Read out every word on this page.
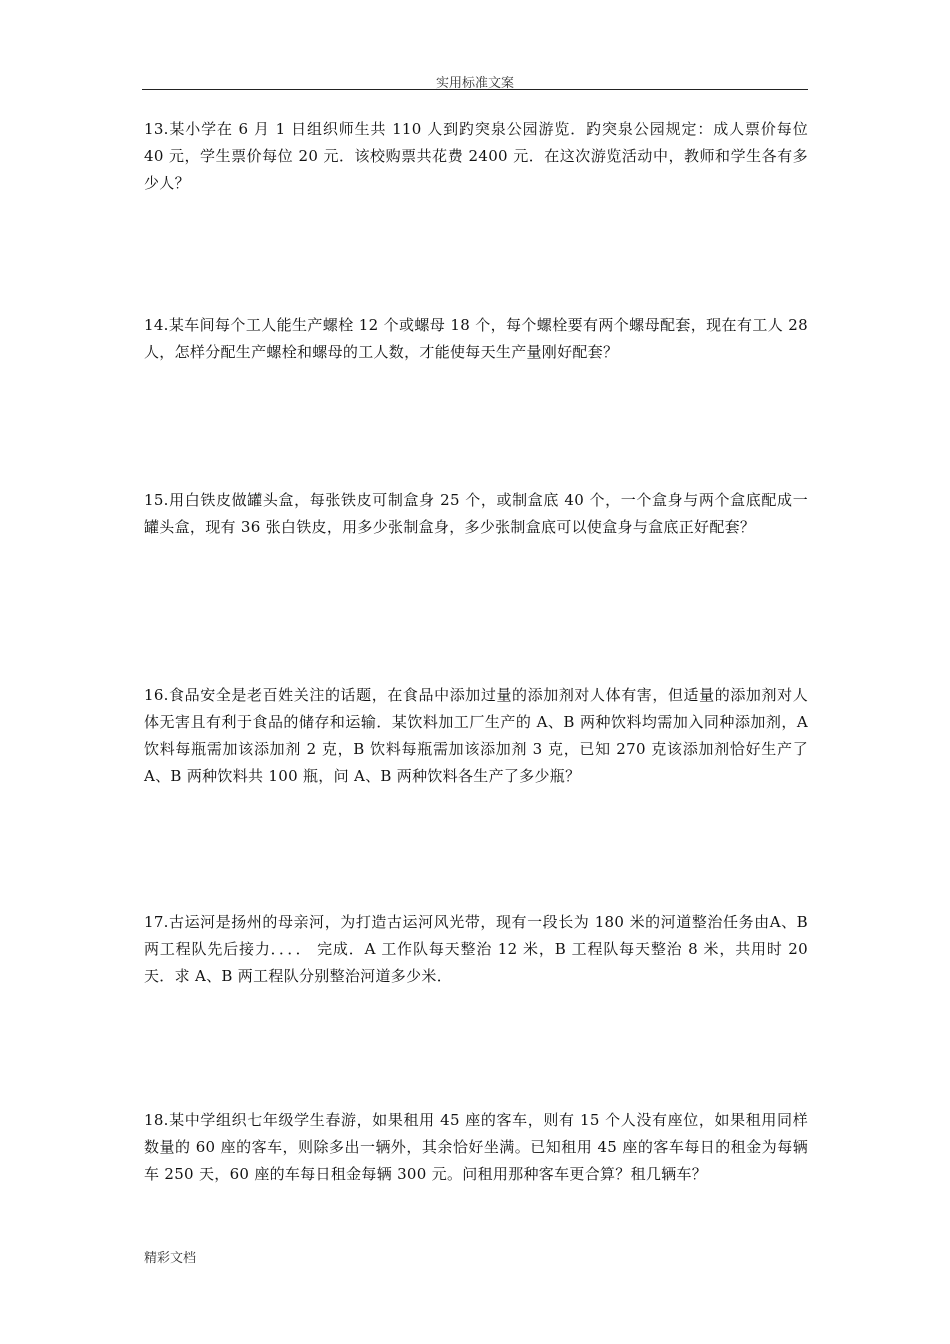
实用标准文案

13.某小学在 6 月 1 日组织师生共 110 人到趵突泉公园游览．趵突泉公园规定：成人票价每位 40 元，学生票价每位 20 元．该校购票共花费 2400 元．在这次游览活动中，教师和学生各有多少人？

14.某车间每个工人能生产螺栓 12 个或螺母 18 个，每个螺栓要有两个螺母配套，现在有工人 28 人，怎样分配生产螺栓和螺母的工人数，才能使每天生产量刚好配套？

15.用白铁皮做罐头盒，每张铁皮可制盒身 25 个，或制盒底 40 个，一个盒身与两个盒底配成一罐头盒，现有 36 张白铁皮，用多少张制盒身，多少张制盒底可以使盒身与盒底正好配套？

16.食品安全是老百姓关注的话题，在食品中添加过量的添加剂对人体有害，但适量的添加剂对人体无害且有利于食品的储存和运输．某饮料加工厂生产的 A、B 两种饮料均需加入同种添加剂，A 饮料每瓶需加该添加剂 2 克，B 饮料每瓶需加该添加剂 3 克，已知 270 克该添加剂恰好生产了 A、B 两种饮料共 100 瓶，问 A、B 两种饮料各生产了多少瓶？

17.古运河是扬州的母亲河，为打造古运河风光带，现有一段长为 180 米的河道整治任务由A、B 两工程队先后接力．．．． 完成．A 工作队每天整治 12 米，B 工程队每天整治 8 米，共用时 20 天．求 A、B 两工程队分别整治河道多少米．

18.某中学组织七年级学生春游，如果租用 45 座的客车，则有 15 个人没有座位，如果租用同样数量的 60 座的客车，则除多出一辆外，其余恰好坐满。已知租用 45 座的客车每日的租金为每辆车 250 天，60 座的车每日租金每辆 300 元。问租用那种客车更合算？租几辆车？

精彩文档
